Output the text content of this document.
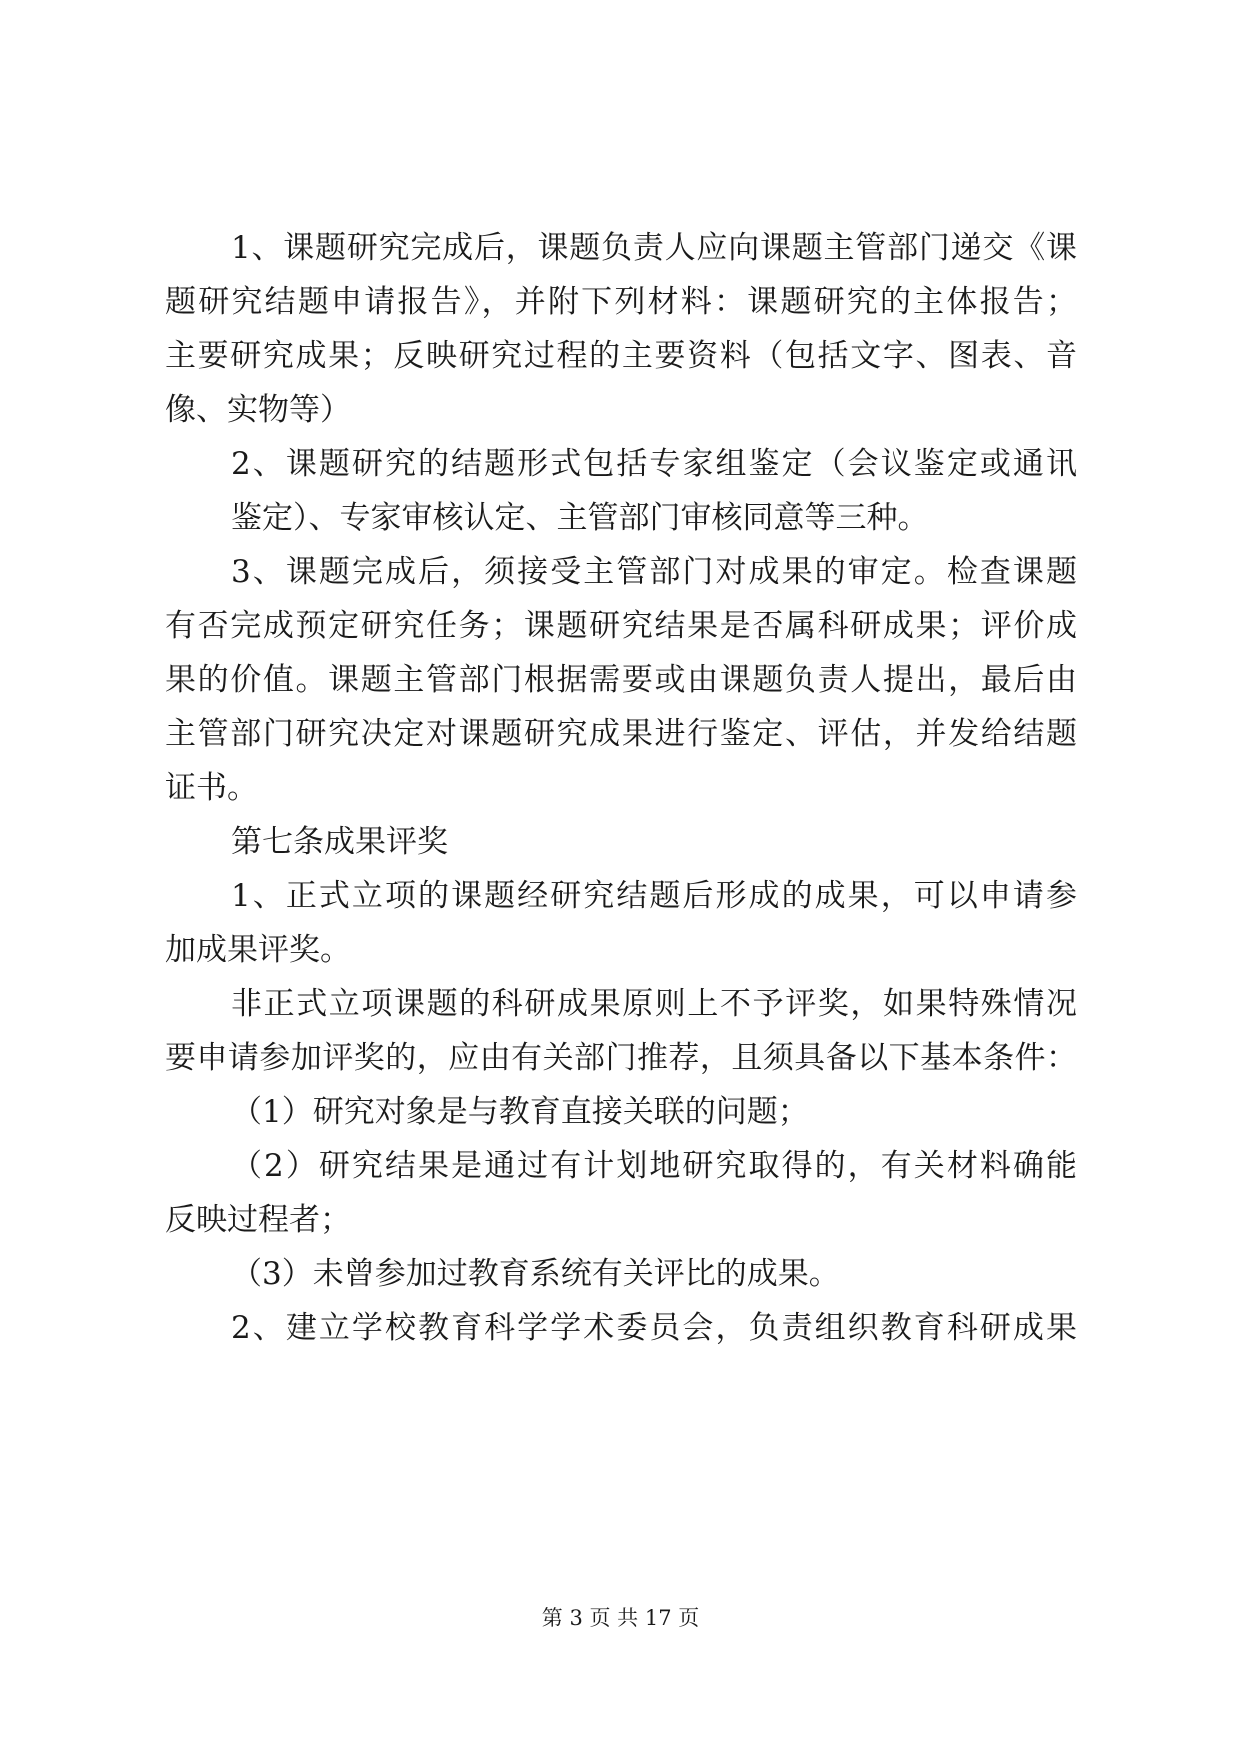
1、课题研究完成后，课题负责人应向课题主管部门递交《课
题研究结题申请报告》，并附下列材料：课题研究的主体报告；
主要研究成果；反映研究过程的主要资料（包括文字、图表、音
像、实物等）
2、课题研究的结题形式包括专家组鉴定（会议鉴定或通讯
鉴定）、专家审核认定、主管部门审核同意等三种。
3、课题完成后，须接受主管部门对成果的审定。检查课题
有否完成预定研究任务；课题研究结果是否属科研成果；评价成
果的价值。课题主管部门根据需要或由课题负责人提出，最后由
主管部门研究决定对课题研究成果进行鉴定、评估，并发给结题
证书。
第七条成果评奖
1、正式立项的课题经研究结题后形成的成果，可以申请参
加成果评奖。
非正式立项课题的科研成果原则上不予评奖，如果特殊情况
要申请参加评奖的，应由有关部门推荐，且须具备以下基本条件：
（1）研究对象是与教育直接关联的问题；
（2）研究结果是通过有计划地研究取得的，有关材料确能
反映过程者；
（3）未曾参加过教育系统有关评比的成果。
2、建立学校教育科学学术委员会，负责组织教育科研成果
第 3 页 共 17 页
